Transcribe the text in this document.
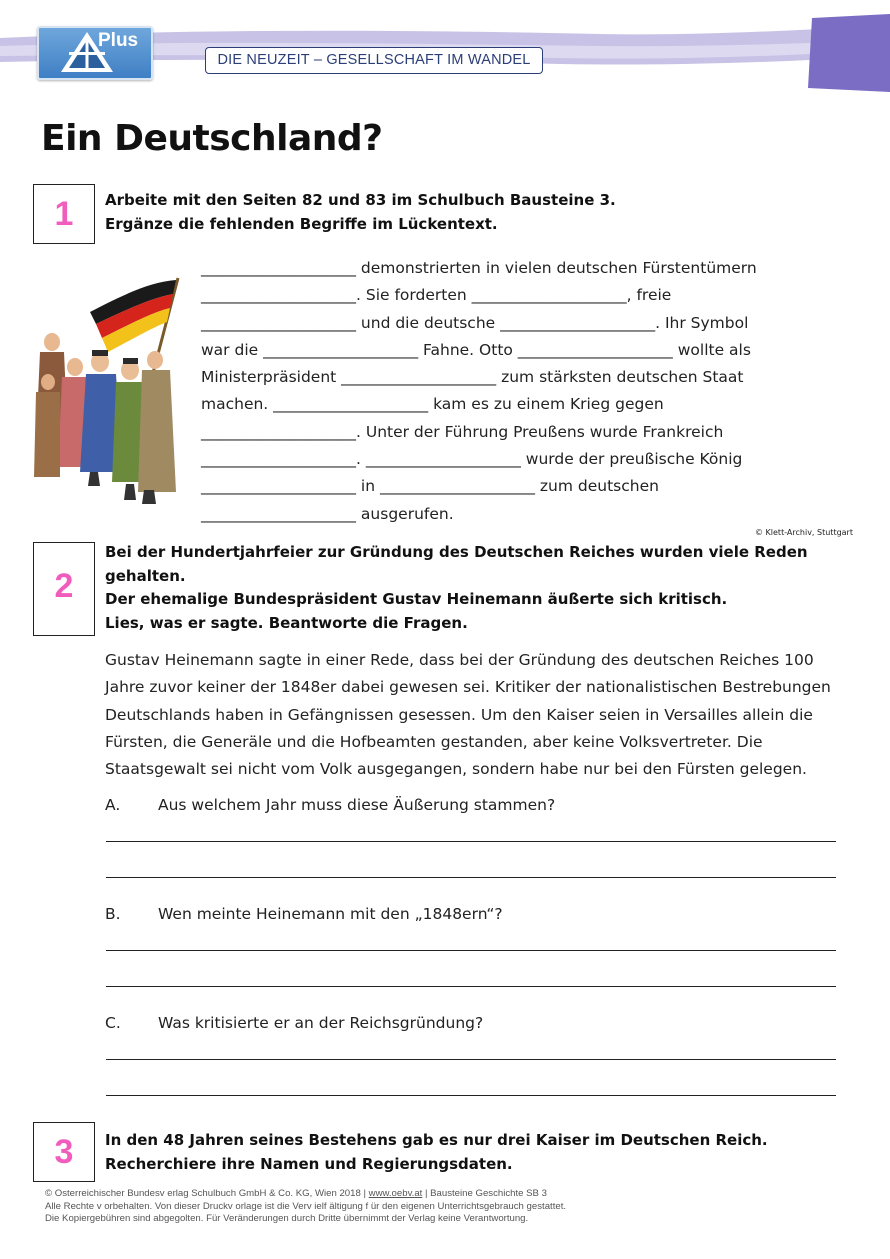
Plus
DIE NEUZEIT – GESELLSCHAFT IM WANDEL
Ein Deutschland?
1	Arbeite mit den Seiten 82 und 83 im Schulbuch Bausteine 3.
Ergänze die fehlenden Begriffe im Lückentext.
____________________ demonstrierten in vielen deutschen Fürstentümern
____________________. Sie forderten ____________________, freie
____________________ und die deutsche ____________________. Ihr Symbol
war die ____________________ Fahne. Otto ____________________ wollte als
Ministerpräsident ____________________ zum stärksten deutschen Staat
machen. ____________________ kam es zu einem Krieg gegen
____________________. Unter der Führung Preußens wurde Frankreich
____________________. ____________________ wurde der preußische König
____________________ in ____________________ zum deutschen
____________________ ausgerufen.
© Klett-Archiv, Stuttgart
2
Bei der Hundertjahrfeier zur Gründung des Deutschen Reiches wurden viele Reden
gehalten.
Der ehemalige Bundespräsident Gustav Heinemann äußerte sich kritisch.
Lies, was er sagte. Beantworte die Fragen.
Gustav Heinemann sagte in einer Rede, dass bei der Gründung des deutschen Reiches 100
Jahre zuvor keiner der 1848er dabei gewesen sei. Kritiker der nationalistischen Bestrebungen
Deutschlands haben in Gefängnissen gesessen. Um den Kaiser seien in Versailles allein die
Fürsten, die Generäle und die Hofbeamten gestanden, aber keine Volksvertreter. Die
Staatsgewalt sei nicht vom Volk ausgegangen, sondern habe nur bei den Fürsten gelegen.
A. Aus welchem Jahr muss diese Äußerung stammen?
B. Wen meinte Heinemann mit den „1848ern“?
C. Was kritisierte er an der Reichsgründung?
3	In den 48 Jahren seines Bestehens gab es nur drei Kaiser im Deutschen Reich.
Recherchiere ihre Namen und Regierungsdaten.
© Osterreichischer Bundesv erlag Schulbuch GmbH & Co. KG, Wien 2018 | www.oebv.at | Bausteine Geschichte SB 3
Alle Rechte v orbehalten. Von dieser Druckv orlage ist die Verv ielf ältigung f ür den eigenen Unterrichtsgebrauch gestattet.
Die Kopiergebühren sind abgegolten. Für Veränderungen durch Dritte übernimmt der Verlag keine Verantwortung.
